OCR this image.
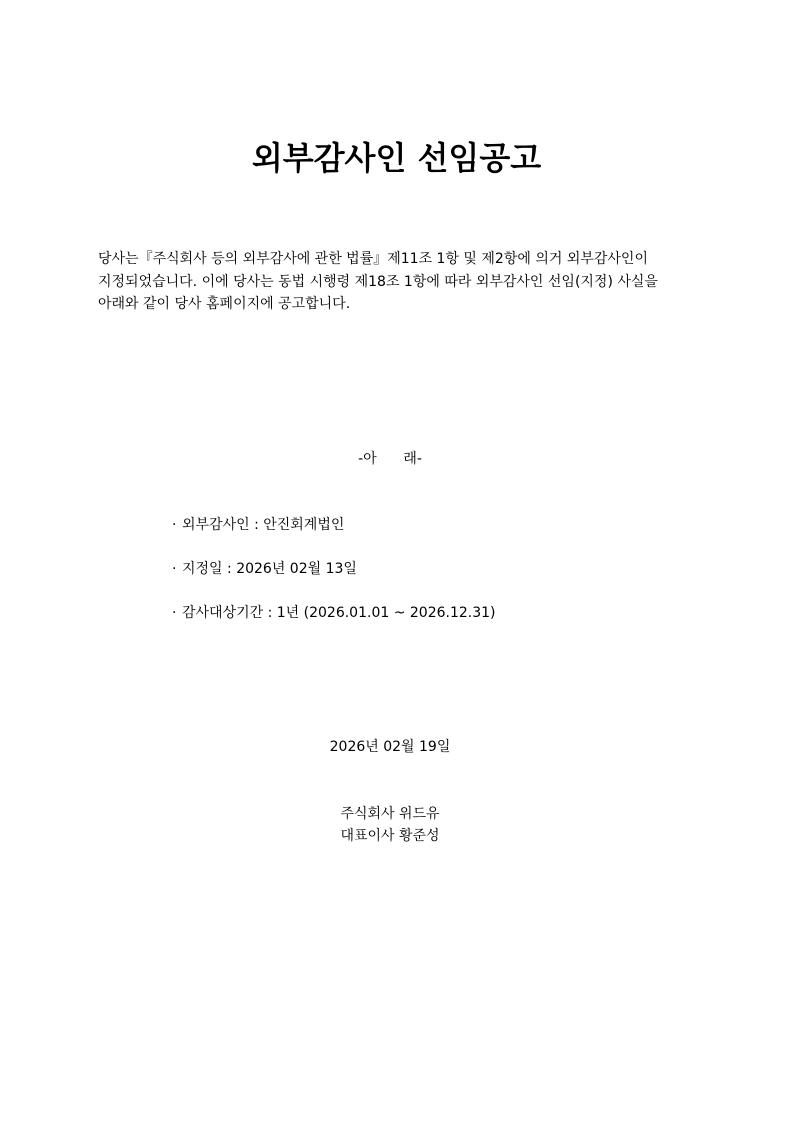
외부감사인 선임공고
당사는『주식회사 등의 외부감사에 관한 법률』제11조 1항 및 제2항에 의거 외부감사인이
지정되었습니다. 이에 당사는 동법 시행령 제18조 1항에 따라 외부감사인 선임(지정) 사실을
아래와 같이 당사 홈페이지에 공고합니다.
-아      래-
· 외부감사인 : 안진회계법인
· 지정일 : 2026년 02월 13일
· 감사대상기간 : 1년 (2026.01.01 ~ 2026.12.31)
2026년 02월 19일
주식회사 위드유
대표이사 황준성
